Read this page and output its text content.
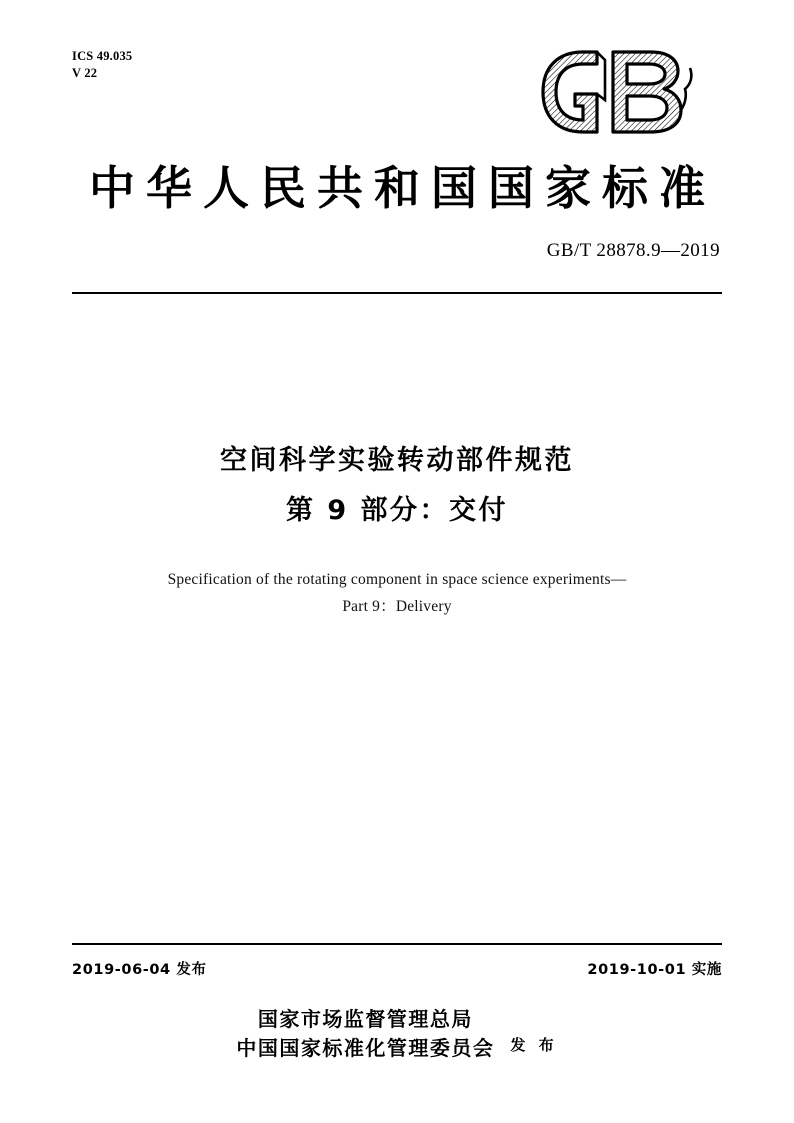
ICS 49.035
V 22
中华人民共和国国家标准
GB/T 28878.9—2019
空间科学实验转动部件规范
第 9 部分：交付
Specification of the rotating component in space science experiments—
Part 9：Delivery
2019-06-04 发布	2019-10-01 实施
国家市场监督管理总局
中国国家标准化管理委员会 发 布
